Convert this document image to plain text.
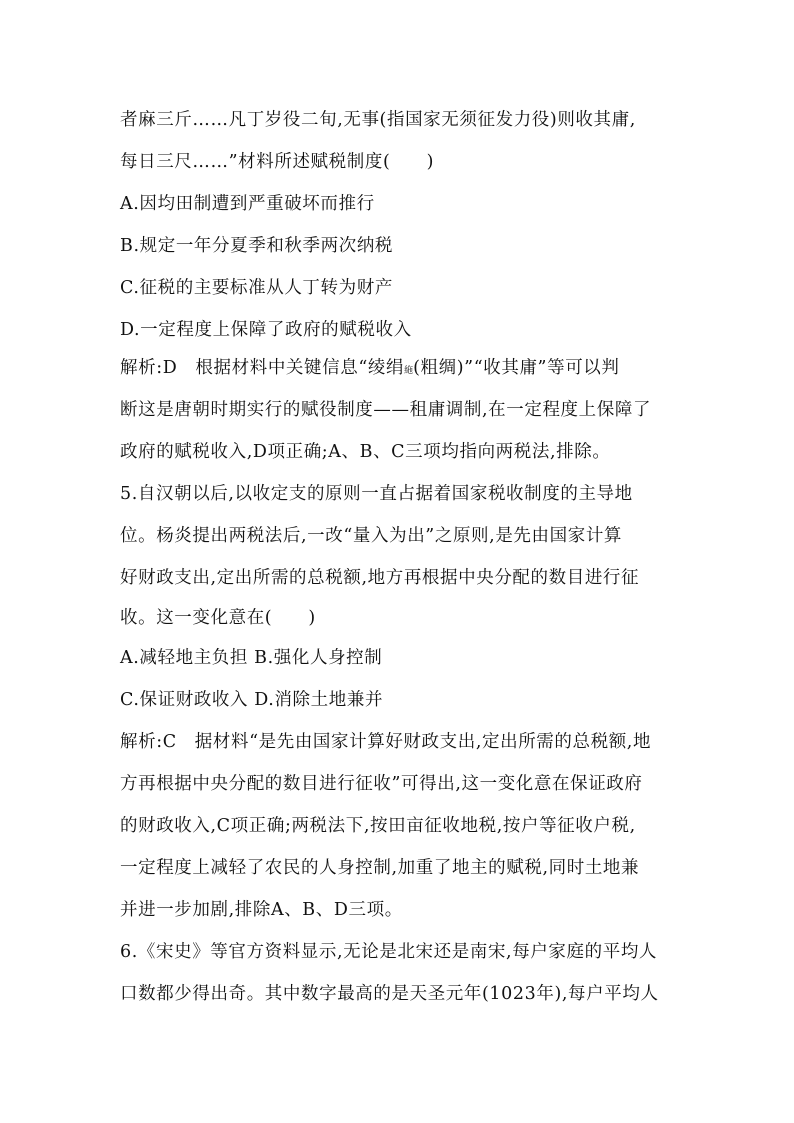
者麻三斤……凡丁岁役二旬,无事(指国家无须征发力役)则收其庸,
每日三尺……”材料所述赋税制度(　　)
A.因均田制遭到严重破坏而推行
B.规定一年分夏季和秋季两次纳税
C.征税的主要标准从人丁转为财产
D.一定程度上保障了政府的赋税收入
解析:D　根据材料中关键信息“绫绢絁(粗绸)”“收其庸”等可以判
断这是唐朝时期实行的赋役制度——租庸调制,在一定程度上保障了
政府的赋税收入,D项正确;A、B、C三项均指向两税法,排除。
5.自汉朝以后,以收定支的原则一直占据着国家税收制度的主导地
位。杨炎提出两税法后,一改“量入为出”之原则,是先由国家计算
好财政支出,定出所需的总税额,地方再根据中央分配的数目进行征
收。这一变化意在(　　)
A.减轻地主负担 B.强化人身控制
C.保证财政收入 D.消除土地兼并
解析:C　据材料“是先由国家计算好财政支出,定出所需的总税额,地
方再根据中央分配的数目进行征收”可得出,这一变化意在保证政府
的财政收入,C项正确;两税法下,按田亩征收地税,按户等征收户税,
一定程度上减轻了农民的人身控制,加重了地主的赋税,同时土地兼
并进一步加剧,排除A、B、D三项。
6.《宋史》等官方资料显示,无论是北宋还是南宋,每户家庭的平均人
口数都少得出奇。其中数字最高的是天圣元年(1023年),每户平均人
